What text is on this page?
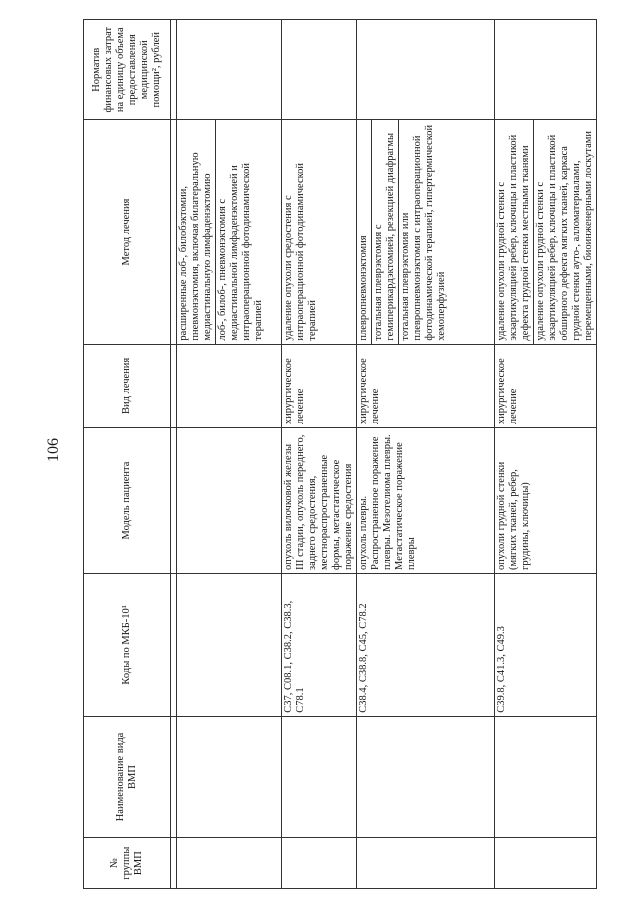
106
№ группы ВМП	Наименование вида ВМП	Коды по МКБ-10¹	Модель пациента	Вид лечения	Метод лечения	Норматив финансовых затрат на единицу объема предоставления медицинской помощи², рублей

					расширенные лоб-, билобэктомии, пневмонэктомия, включая билатеральную медиастинальную лимфаденэктомию лоб-, билоб-, пневмонэктомия с медиастинальной лимфаденэктомией и интраоперационной фотодинамической терапией	

		C37, C08.1, C38.2, C38.3, C78.1	опухоль вилочковой железы III стадии, опухоль переднего, заднего средостения, местнораспространенные формы, метастатическое поражение средостения	хирургическое лечение	удаление опухоли средостения с интраоперационной фотодинамической терапией	

		C38.4, C38.8, C45, C78.2	опухоль плевры. Распространенное поражение плевры. Мезотелиома плевры. Метастатическое поражение плевры	хирургическое лечение	плевропневмонэктомия тотальная плеврэктомия с гемиперикардэктомией, резекцией диафрагмы тотальная плеврэктомия или плевропневмонэктомия с интраоперационной фотодинамической терапией, гипертермической хемоперфузией	

		C39.8, C41.3, C49.3	опухоли грудной стенки (мягких тканей, ребер, грудины, ключицы)	хирургическое лечение	удаление опухоли грудной стенки с экзартикуляцией ребер, ключицы и пластикой дефекта грудной стенки местными тканями удаление опухоли грудной стенки с экзартикуляцией ребер, ключицы и пластикой обширного дефекта мягких тканей, каркаса грудной стенки ауто-, алломатериалами, перемещенными, биоинженерными лоскутами	
